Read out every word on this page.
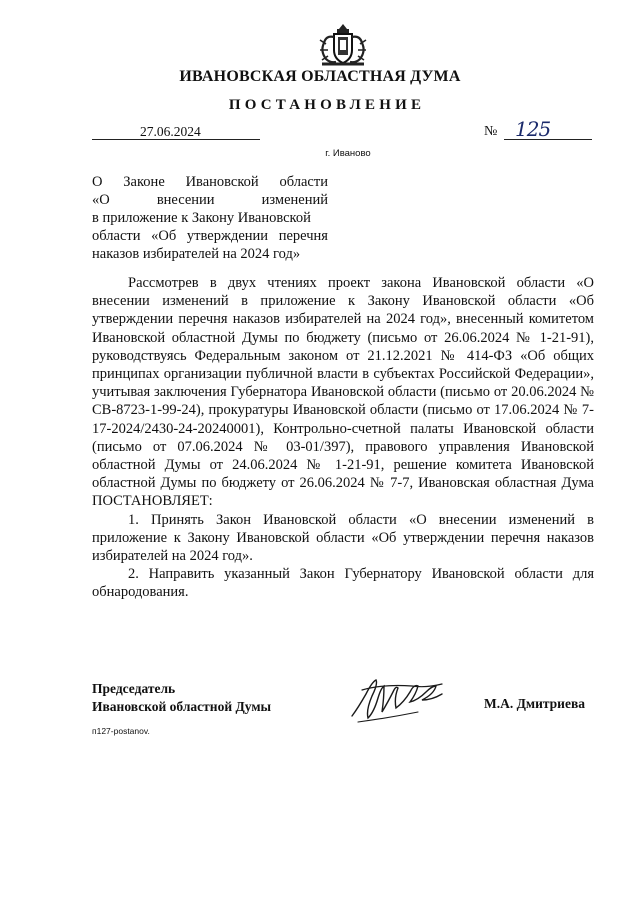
ИВАНОВСКАЯ ОБЛАСТНАЯ ДУМА
ПОСТАНОВЛЕНИЕ
27.06.2024	№ 125
г. Иваново
О Законе Ивановской области
«О	внесении	изменений
в приложение к Закону Ивановской
области «Об утверждении перечня
наказов избирателей на 2024 год»

Рассмотрев в двух чтениях проект закона Ивановской области «О внесении изменений в приложение к Закону Ивановской области «Об утверждении перечня наказов избирателей на 2024 год», внесенный комитетом Ивановской областной Думы по бюджету (письмо от 26.06.2024 № 1-21-91), руководствуясь Федеральным законом от 21.12.2021 № 414-ФЗ «Об общих принципах организации публичной власти в субъектах Российской Федерации», учитывая заключения Губернатора Ивановской области (письмо от 20.06.2024 № СВ-8723-1-99-24), прокуратуры Ивановской области (письмо от 17.06.2024 № 7-17-2024/2430-24-20240001), Контрольно-счетной палаты Ивановской области (письмо от 07.06.2024 № 03-01/397), правового управления Ивановской областной Думы от 24.06.2024 № 1-21-91, решение комитета Ивановской областной Думы по бюджету от 26.06.2024 № 7-7, Ивановская областная Дума ПОСТАНОВЛЯЕТ:

1. Принять Закон Ивановской области «О внесении изменений в приложение к Закону Ивановской области «Об утверждении перечня наказов избирателей на 2024 год».

2. Направить указанный Закон Губернатору Ивановской области для обнародования.

Председатель
Ивановской областной Думы	М.А. Дмитриева
п127-postanov.
